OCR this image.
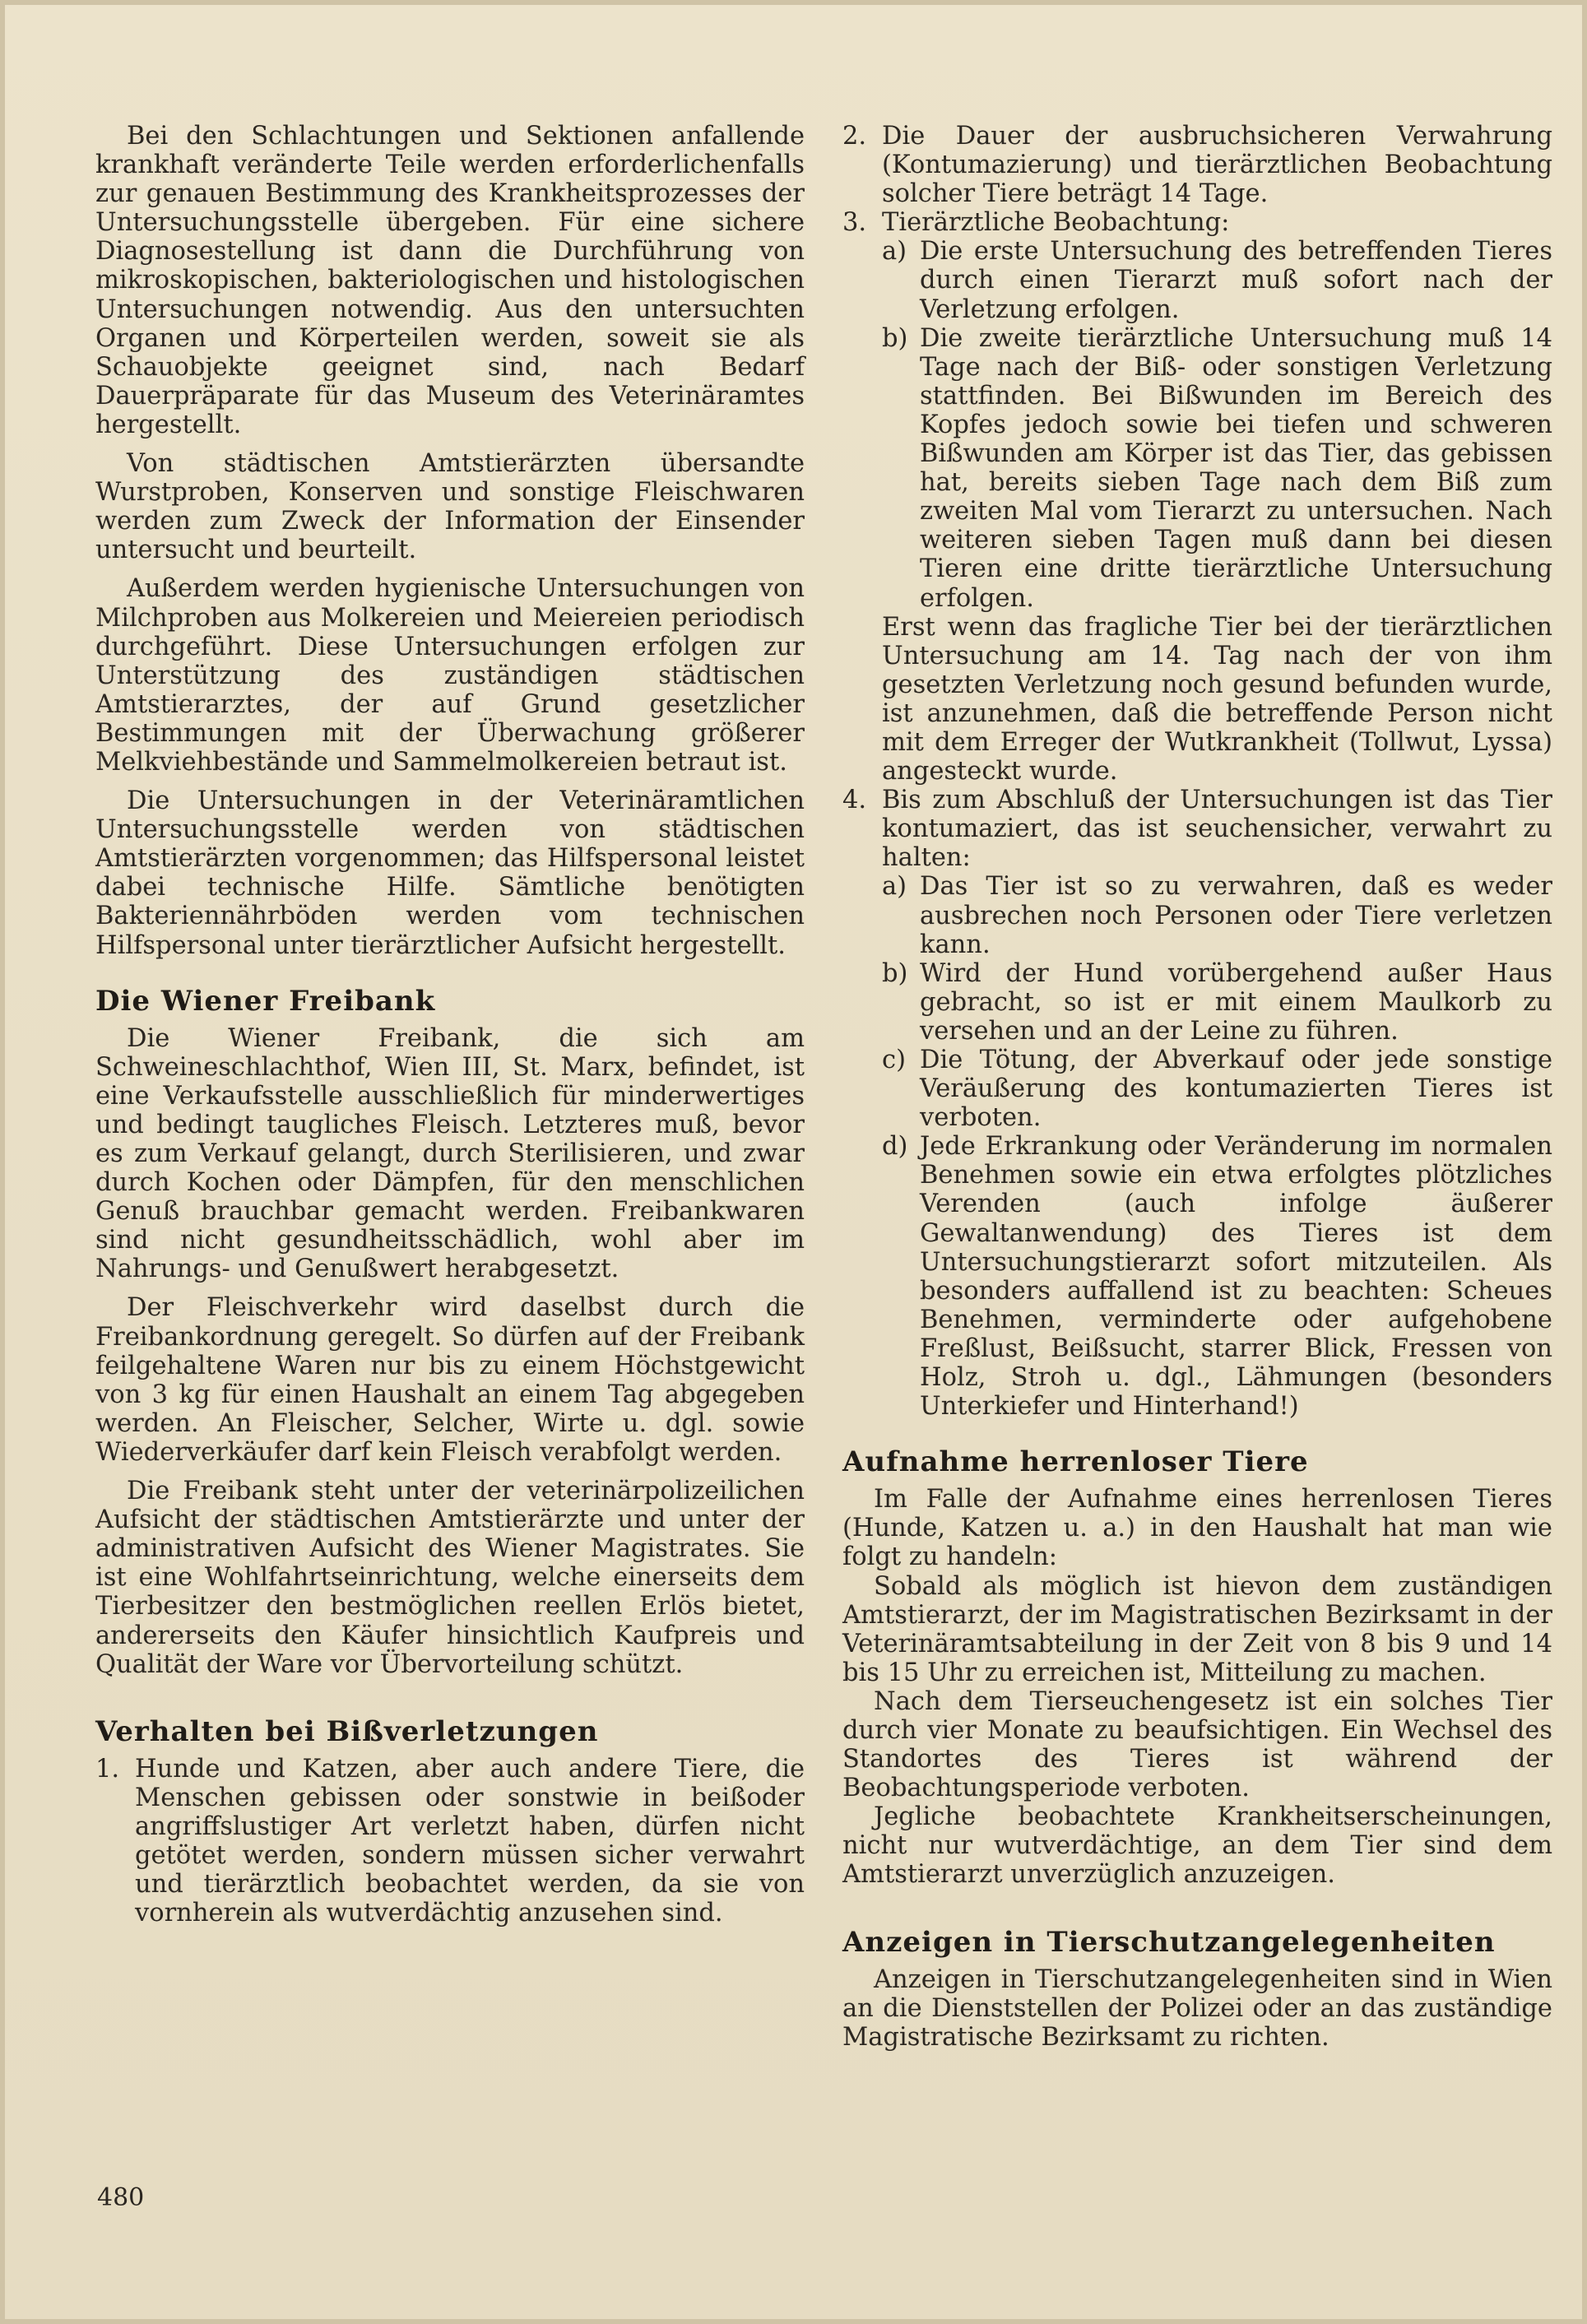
Bei den Schlachtungen und Sektionen anfallende krankhaft veränderte Teile werden erforderlichenfalls zur genauen Bestimmung des Krankheitsprozesses der Untersuchungsstelle übergeben. Für eine sichere Diagnosestellung ist dann die Durchführung von mikroskopischen, bakteriologischen und histologischen Untersuchungen notwendig. Aus den untersuchten Organen und Körperteilen werden, soweit sie als Schauobjekte geeignet sind, nach Bedarf Dauerpräparate für das Museum des Veterinäramtes hergestellt.

Von städtischen Amtstierärzten übersandte Wurstproben, Konserven und sonstige Fleischwaren werden zum Zweck der Information der Einsender untersucht und beurteilt.

Außerdem werden hygienische Untersuchungen von Milchproben aus Molkereien und Meiereien periodisch durchgeführt. Diese Untersuchungen erfolgen zur Unterstützung des zuständigen städtischen Amtstierarztes, der auf Grund gesetzlicher Bestimmungen mit der Überwachung größerer Melkviehbestände und Sammelmolkereien betraut ist.

Die Untersuchungen in der Veterinäramtlichen Untersuchungsstelle werden von städtischen Amtstierärzten vorgenommen; das Hilfspersonal leistet dabei technische Hilfe. Sämtliche benötigten Bakteriennährböden werden vom technischen Hilfspersonal unter tierärztlicher Aufsicht hergestellt.

Die Wiener Freibank

Die Wiener Freibank, die sich am Schweineschlachthof, Wien III, St. Marx, befindet, ist eine Verkaufsstelle ausschließlich für minderwertiges und bedingt taugliches Fleisch. Letzteres muß, bevor es zum Verkauf gelangt, durch Sterilisieren, und zwar durch Kochen oder Dämpfen, für den menschlichen Genuß brauchbar gemacht werden. Freibankwaren sind nicht gesundheitsschädlich, wohl aber im Nahrungs- und Genußwert herabgesetzt.

Der Fleischverkehr wird daselbst durch die Freibankordnung geregelt. So dürfen auf der Freibank feilgehaltene Waren nur bis zu einem Höchstgewicht von 3 kg für einen Haushalt an einem Tag abgegeben werden. An Fleischer, Selcher, Wirte u. dgl. sowie Wiederverkäufer darf kein Fleisch verabfolgt werden.

Die Freibank steht unter der veterinärpolizeilichen Aufsicht der städtischen Amtstierärzte und unter der administrativen Aufsicht des Wiener Magistrates. Sie ist eine Wohlfahrtseinrichtung, welche einerseits dem Tierbesitzer den bestmöglichen reellen Erlös bietet, andererseits den Käufer hinsichtlich Kaufpreis und Qualität der Ware vor Übervorteilung schützt.

Verhalten bei Bißverletzungen
1. Hunde und Katzen, aber auch andere Tiere, die Menschen gebissen oder sonstwie in beißoder angriffslustiger Art verletzt haben, dürfen nicht getötet werden, sondern müssen sicher verwahrt und tierärztlich beobachtet werden, da sie von vornherein als wutverdächtig anzusehen sind.
2. Die Dauer der ausbruchsicheren Verwahrung (Kontumazierung) und tierärztlichen Beobachtung solcher Tiere beträgt 14 Tage.
3. Tierärztliche Beobachtung:
a) Die erste Untersuchung des betreffenden Tieres durch einen Tierarzt muß sofort nach der Verletzung erfolgen.
b) Die zweite tierärztliche Untersuchung muß 14 Tage nach der Biß- oder sonstigen Verletzung stattfinden. Bei Bißwunden im Bereich des Kopfes jedoch sowie bei tiefen und schweren Bißwunden am Körper ist das Tier, das gebissen hat, bereits sieben Tage nach dem Biß zum zweiten Mal vom Tierarzt zu untersuchen. Nach weiteren sieben Tagen muß dann bei diesen Tieren eine dritte tierärztliche Untersuchung erfolgen.

Erst wenn das fragliche Tier bei der tierärztlichen Untersuchung am 14. Tag nach der von ihm gesetzten Verletzung noch gesund befunden wurde, ist anzunehmen, daß die betreffende Person nicht mit dem Erreger der Wutkrankheit (Tollwut, Lyssa) angesteckt wurde.

4. Bis zum Abschluß der Untersuchungen ist das Tier kontumaziert, das ist seuchensicher, verwahrt zu halten:
a) Das Tier ist so zu verwahren, daß es weder ausbrechen noch Personen oder Tiere verletzen kann.
b) Wird der Hund vorübergehend außer Haus gebracht, so ist er mit einem Maulkorb zu versehen und an der Leine zu führen.
c) Die Tötung, der Abverkauf oder jede sonstige Veräußerung des kontumazierten Tieres ist verboten.
d) Jede Erkrankung oder Veränderung im normalen Benehmen sowie ein etwa erfolgtes plötzliches Verenden (auch infolge äußerer Gewaltanwendung) des Tieres ist dem Untersuchungstierarzt sofort mitzuteilen. Als besonders auffallend ist zu beachten: Scheues Benehmen, verminderte oder aufgehobene Freßlust, Beißsucht, starrer Blick, Fressen von Holz, Stroh u. dgl., Lähmungen (besonders Unterkiefer und Hinterhand!)
Aufnahme herrenloser Tiere

Im Falle der Aufnahme eines herrenlosen Tieres (Hunde, Katzen u. a.) in den Haushalt hat man wie folgt zu handeln:

Sobald als möglich ist hievon dem zuständigen Amtstierarzt, der im Magistratischen Bezirksamt in der Veterinäramtsabteilung in der Zeit von 8 bis 9 und 14 bis 15 Uhr zu erreichen ist, Mitteilung zu machen.

Nach dem Tierseuchengesetz ist ein solches Tier durch vier Monate zu beaufsichtigen. Ein Wechsel des Standortes des Tieres ist während der Beobachtungsperiode verboten.

Jegliche beobachtete Krankheitserscheinungen, nicht nur wutverdächtige, an dem Tier sind dem Amtstierarzt unverzüglich anzuzeigen.

Anzeigen in Tierschutzangelegenheiten

Anzeigen in Tierschutzangelegenheiten sind in Wien an die Dienststellen der Polizei oder an das zuständige Magistratische Bezirksamt zu richten.

480
